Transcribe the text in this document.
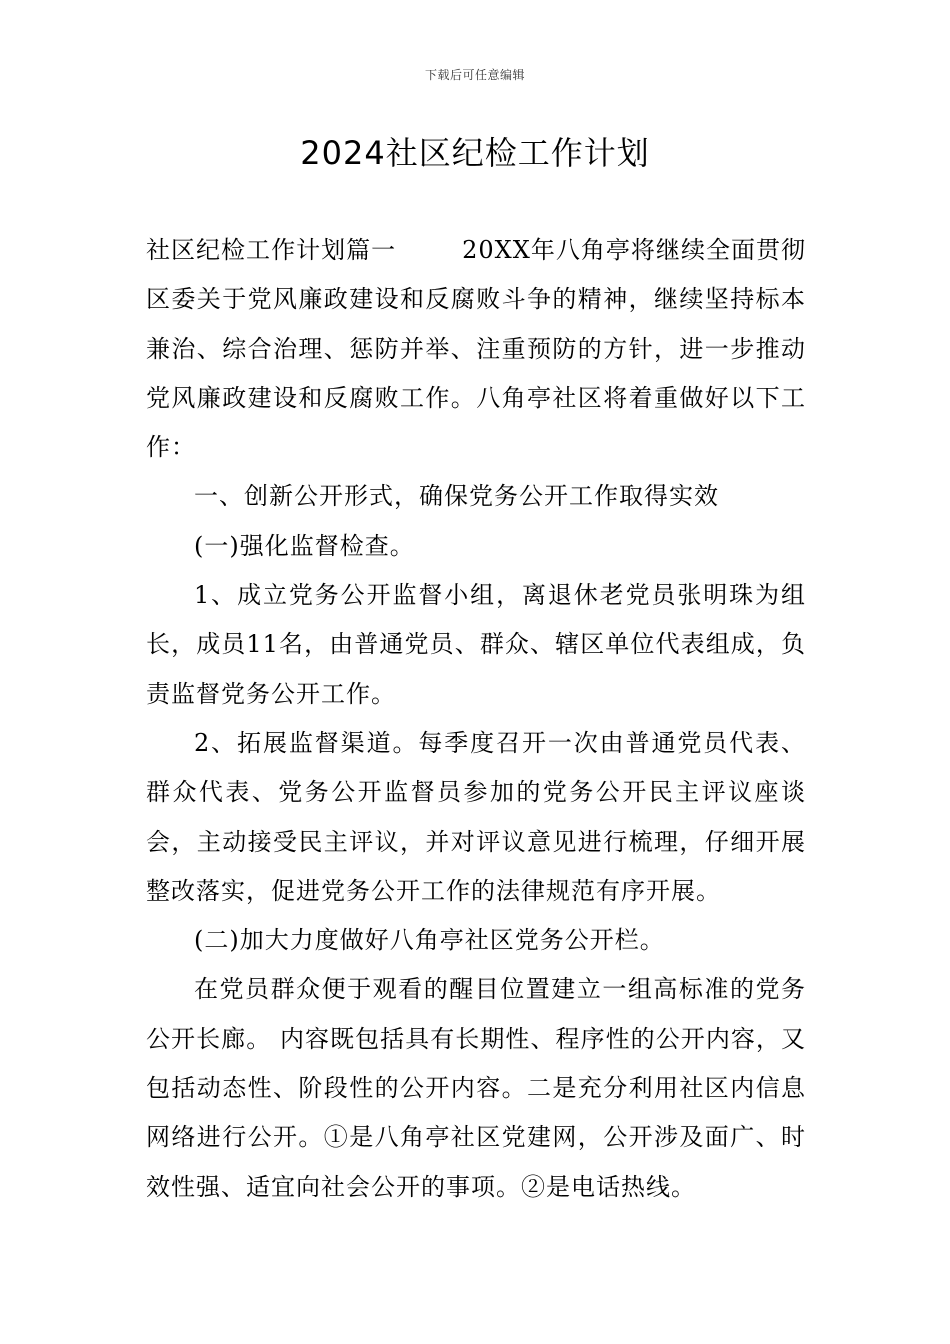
下载后可任意编辑
2024社区纪检工作计划

社区纪检工作计划篇一	20XX年八角亭将继续全面贯彻区委关于党风廉政建设和反腐败斗争的精神，继续坚持标本兼治、综合治理、惩防并举、注重预防的方针，进一步推动党风廉政建设和反腐败工作。八角亭社区将着重做好以下工作：

一、创新公开形式，确保党务公开工作取得实效

(一)强化监督检查。

1、成立党务公开监督小组，离退休老党员张明珠为组长，成员11名，由普通党员、群众、辖区单位代表组成，负责监督党务公开工作。

2、拓展监督渠道。每季度召开一次由普通党员代表、群众代表、党务公开监督员参加的党务公开民主评议座谈会，主动接受民主评议，并对评议意见进行梳理，仔细开展整改落实，促进党务公开工作的法律规范有序开展。

(二)加大力度做好八角亭社区党务公开栏。

在党员群众便于观看的醒目位置建立一组高标准的党务公开长廊。 内容既包括具有长期性、程序性的公开内容，又包括动态性、阶段性的公开内容。二是充分利用社区内信息网络进行公开。①是八角亭社区党建网，公开涉及面广、时效性强、适宜向社会公开的事项。②是电话热线。
